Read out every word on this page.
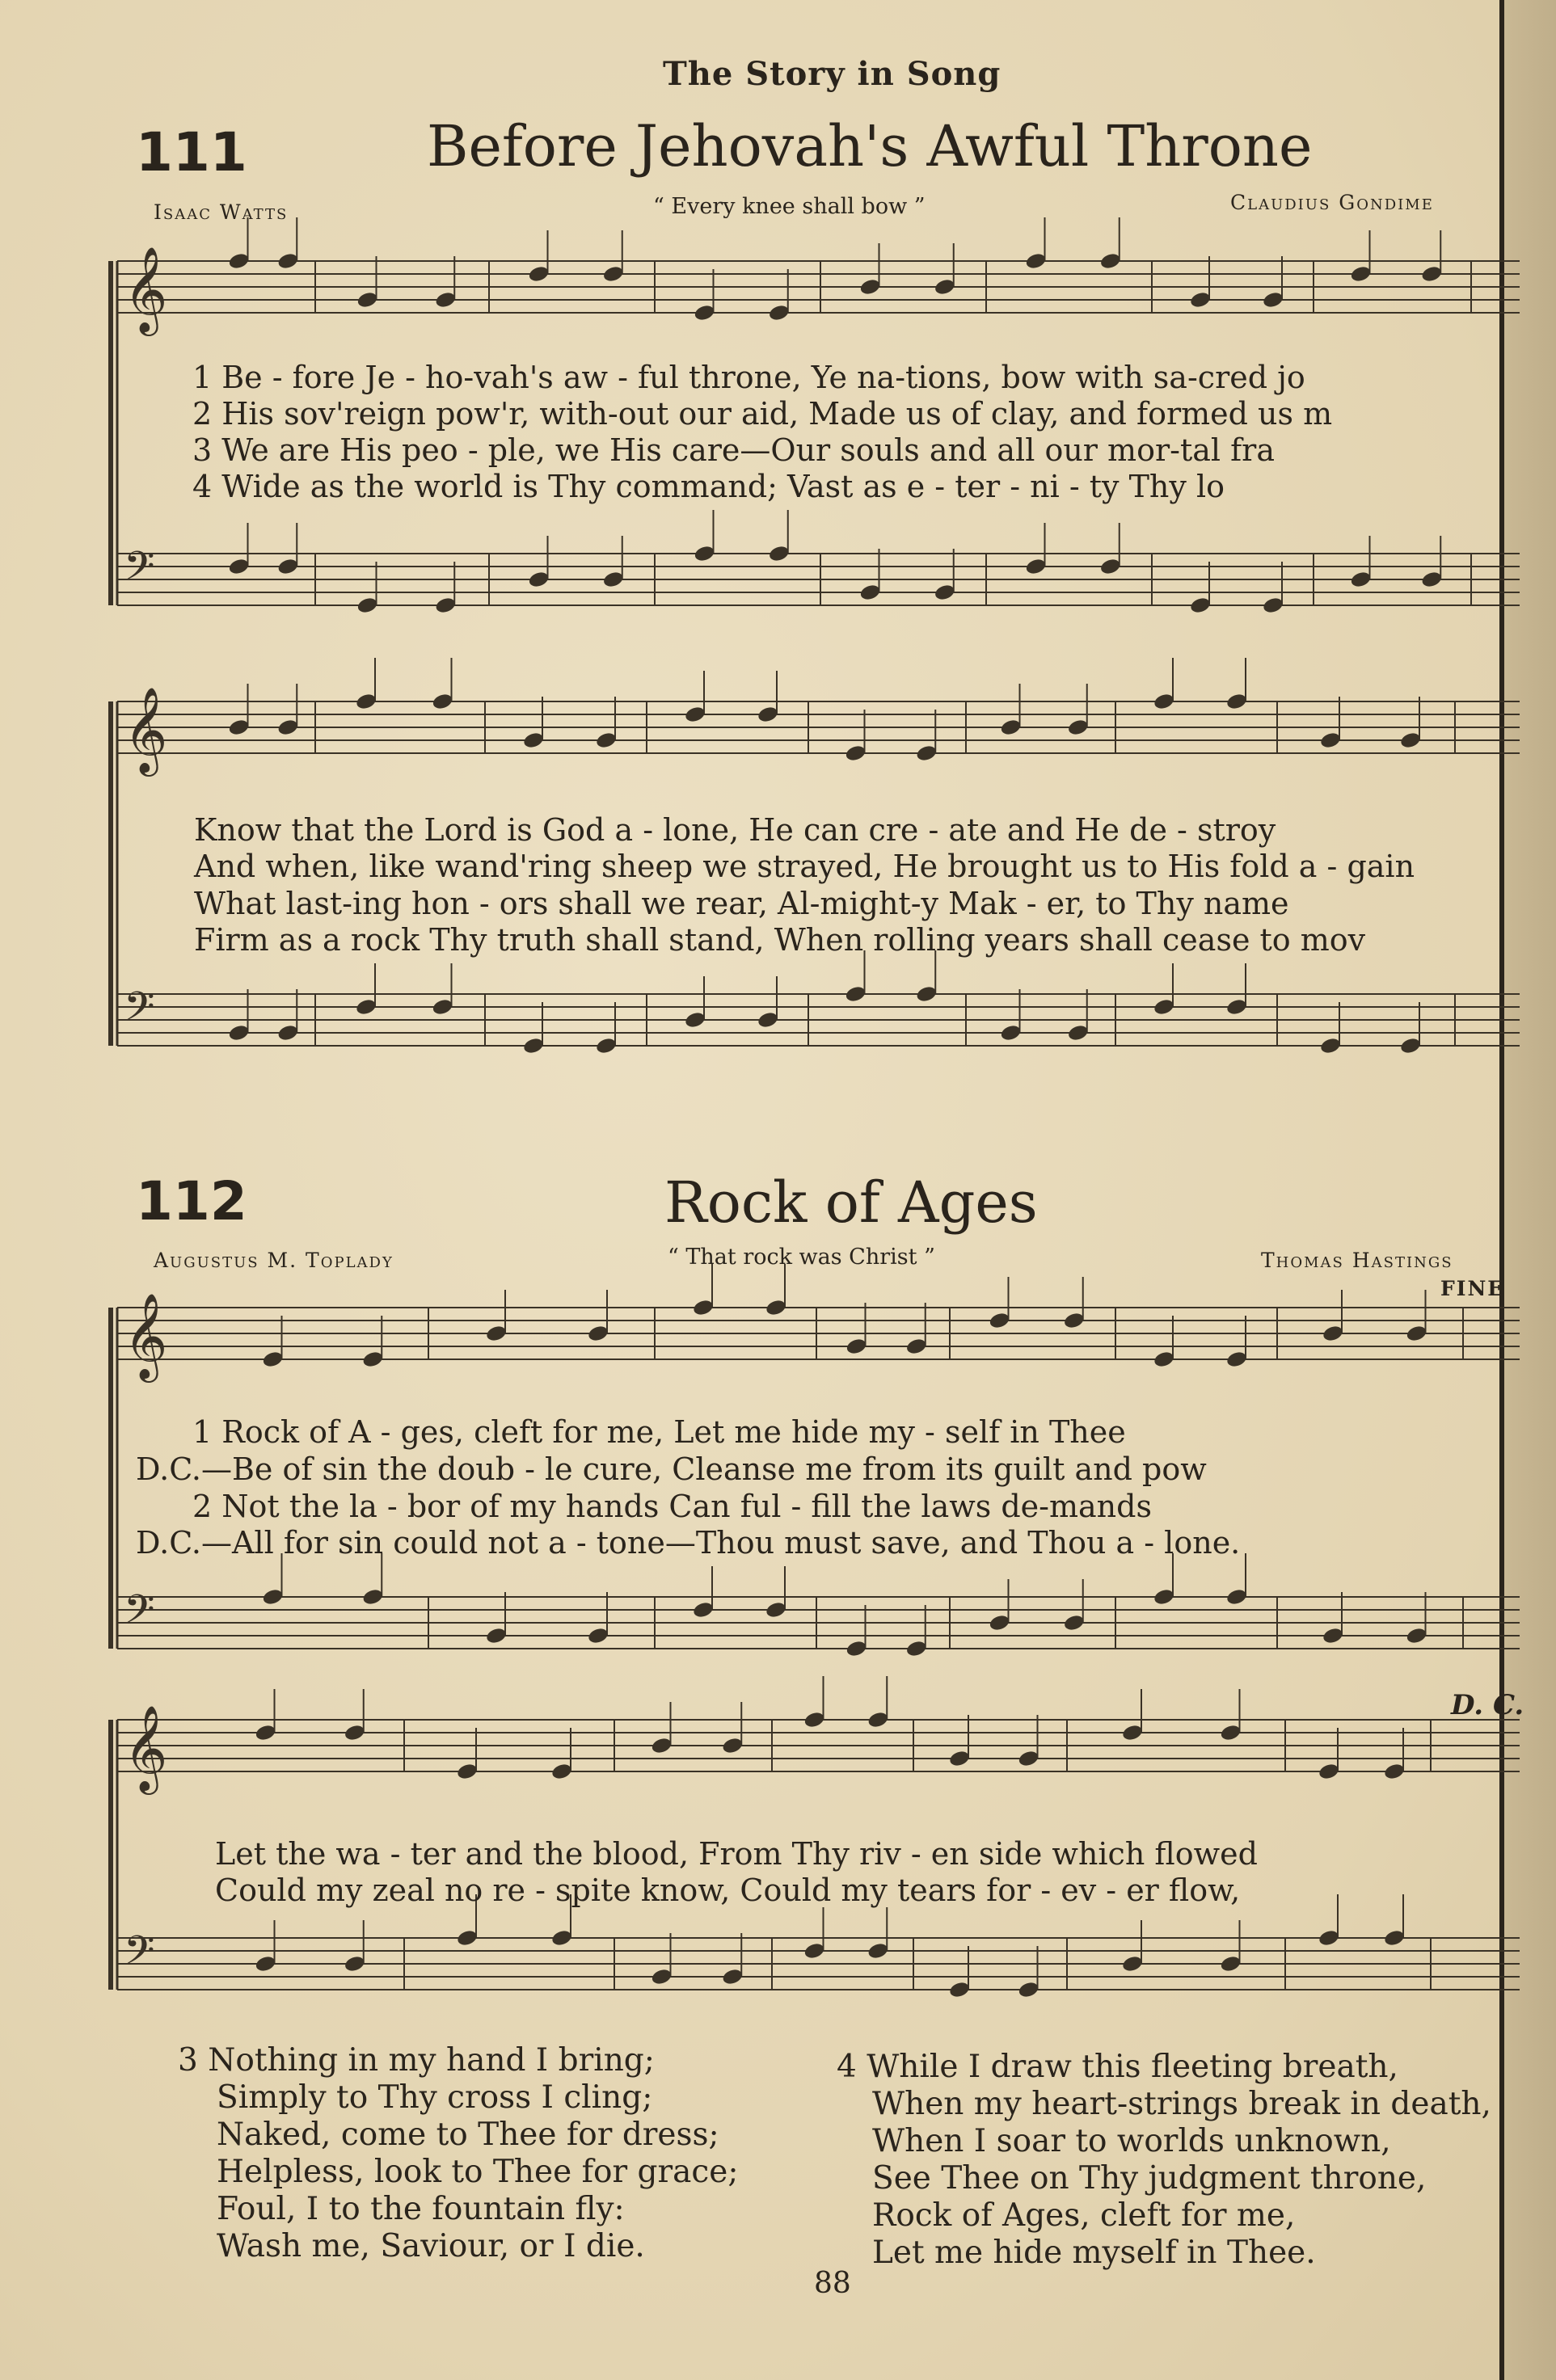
𝄞
𝄢
𝄞
𝄢
𝄞
𝄢
𝄞
𝄢
The Story in Song
111	Before Jehovah's Awful Throne
Isaac Watts	“ Every knee shall bow ”	Claudius Gondime
1 Be - fore Je - ho-vah's aw - ful throne, Ye na-tions, bow with sa-cred jo
2 His sov'reign pow'r, with-out our aid, Made us of clay, and formed us m
3 We are His peo - ple, we His care—Our souls and all our mor-tal fra
4 Wide as the world is Thy command; Vast as e - ter - ni - ty Thy lo
Know that the Lord is God a - lone, He can cre - ate and He de - stroy
And when, like wand'ring sheep we strayed, He brought us to His fold a - gain
What last-ing hon - ors shall we rear, Al-might-y Mak - er, to Thy name
Firm as a rock Thy truth shall stand, When rolling years shall cease to mov
112	Rock of Ages
Augustus M. Toplady	“ That rock was Christ ”	Thomas Hastings
FINE
1 Rock of A - ges, cleft for me, Let me hide my - self in Thee
D.C.—Be of sin the doub - le cure, Cleanse me from its guilt and pow
2 Not the la - bor of my hands Can ful - fill the laws de-mands
D.C.—All for sin could not a - tone—Thou must save, and Thou a - lone.
D. C.
Let the wa - ter and the blood, From Thy riv - en side which flowed
Could my zeal no re - spite know, Could my tears for - ev - er flow,
3 Nothing in my hand I bring;
Simply to Thy cross I cling;
Naked, come to Thee for dress;
Helpless, look to Thee for grace;
Foul, I to the fountain fly:
Wash me, Saviour, or I die.
4 While I draw this fleeting breath,
When my heart-strings break in death,
When I soar to worlds unknown,
See Thee on Thy judgment throne,
Rock of Ages, cleft for me,
Let me hide myself in Thee.
88
